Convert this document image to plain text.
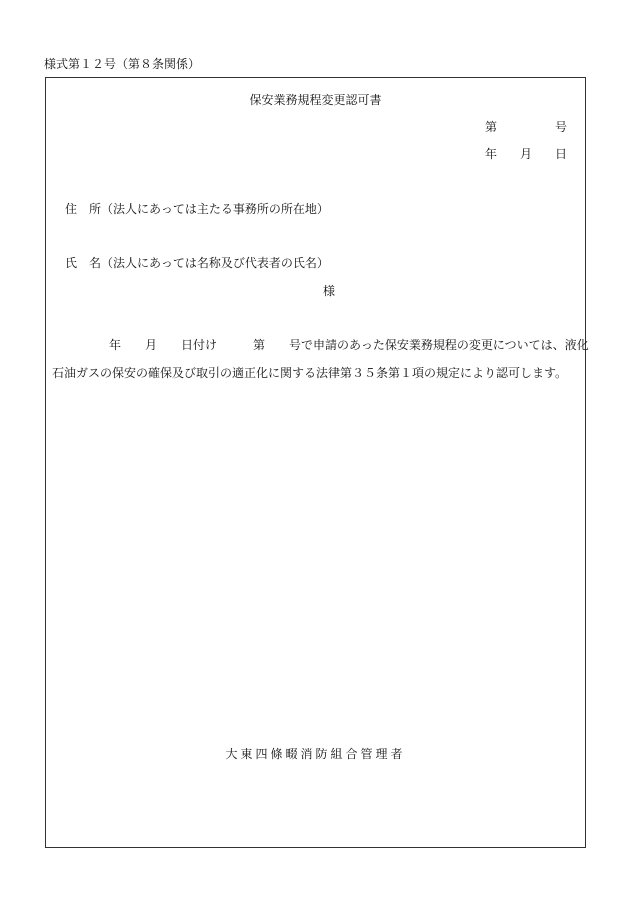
様式第１２号（第８条関係）
保安業務規程変更認可書
第	号
年 月 日
住　所（法人にあっては主たる事務所の所在地）
氏　名（法人にあっては名称及び代表者の氏名）
様
年　　月　　日付け　　　第　　号で申請のあった保安業務規程の変更については、液化
石油ガスの保安の確保及び取引の適正化に関する法律第３５条第１項の規定により認可します。
大東四條畷消防組合管理者
